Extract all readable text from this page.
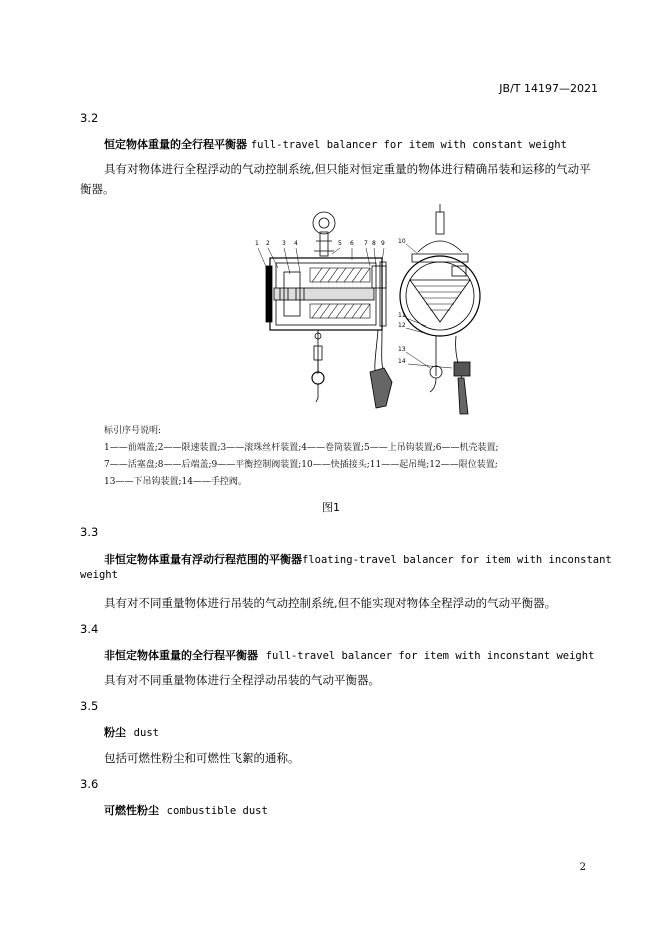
JB/T 14197—2021
3.2
恒定物体重量的全行程平衡器 full-travel balancer for item with constant weight
具有对物体进行全程浮动的气动控制系统,但只能对恒定重量的物体进行精确吊装和运移的气动平
衡器。
1 2 3 4	5 6 7 8 9 10
11
12
13
14
标引序号说明:
1——前端盖;2——限速装置;3——滚珠丝杆装置;4——卷筒装置;5——上吊钩装置;6——机壳装置;
7——活塞盘;8——后端盖;9——平衡控制阀装置;10——快插接头;11——起吊绳;12——限位装置;
13——下吊钩装置;14——手控阀。
图1
3.3
非恒定物体重量有浮动行程范围的平衡器floating-travel balancer for item with inconstant
weight
具有对不同重量物体进行吊装的气动控制系统,但不能实现对物体全程浮动的气动平衡器。
3.4
非恒定物体重量的全行程平衡器 full-travel balancer for item with inconstant weight
具有对不同重量物体进行全程浮动吊装的气动平衡器。
3.5
粉尘 dust
包括可燃性粉尘和可燃性飞絮的通称。
3.6
可燃性粉尘 combustible dust
2
